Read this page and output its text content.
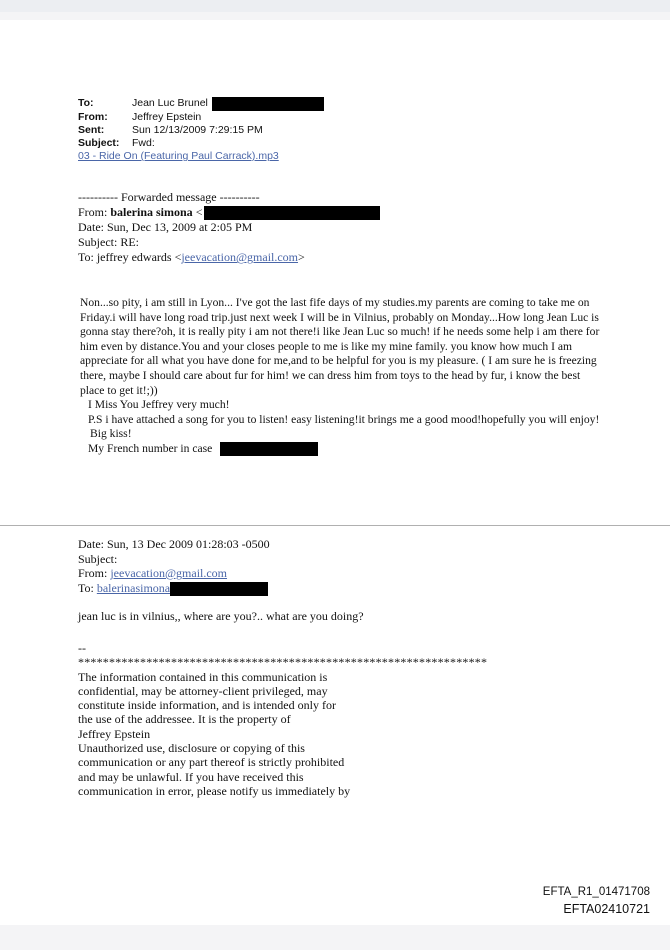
To:	Jean Luc Brunel
From:	Jeffrey Epstein
Sent:	Sun 12/13/2009 7:29:15 PM
Subject:	Fwd:
03 - Ride On (Featuring Paul Carrack).mp3
---------- Forwarded message ----------
From: balerina simona <
Date: Sun, Dec 13, 2009 at 2:05 PM
Subject: RE:
To: jeffrey edwards <jeevacation@gmail.com>

Non...so pity, i am still in Lyon... I've got the last fife days of my studies.my parents are coming to take me on Friday.i will have long road trip.just next week I will be in Vilnius, probably on Monday...How long Jean Luc is gonna stay there?oh, it is really pity i am not there!i like Jean Luc so much! if he needs some help i am there for him even by distance.You and your closes people to me is like my mine family. you know how much I am appreciate for all what you have done for me,and to be helpful for you is my pleasure. ( I am sure he is freezing there, maybe I should care about fur for him! we can dress him from toys to the head by fur, i know the best place to get it!;))

I Miss You Jeffrey very much!

P.S i have attached a song for you to listen! easy listening!it brings me a good mood!hopefully you will enjoy!

Big kiss!

My French number in case

Date: Sun, 13 Dec 2009 01:28:03 -0500
Subject:
From: jeevacation@gmail.com
To: balerinasimona
jean luc is in vilnius,, where are you?.. what are you doing?
--
******************************************************************
The information contained in this communication is
confidential, may be attorney-client privileged, may
constitute inside information, and is intended only for
the use of the addressee. It is the property of
Jeffrey Epstein
Unauthorized use, disclosure or copying of this
communication or any part thereof is strictly prohibited
and may be unlawful. If you have received this
communication in error, please notify us immediately by
EFTA_R1_01471708
EFTA02410721
